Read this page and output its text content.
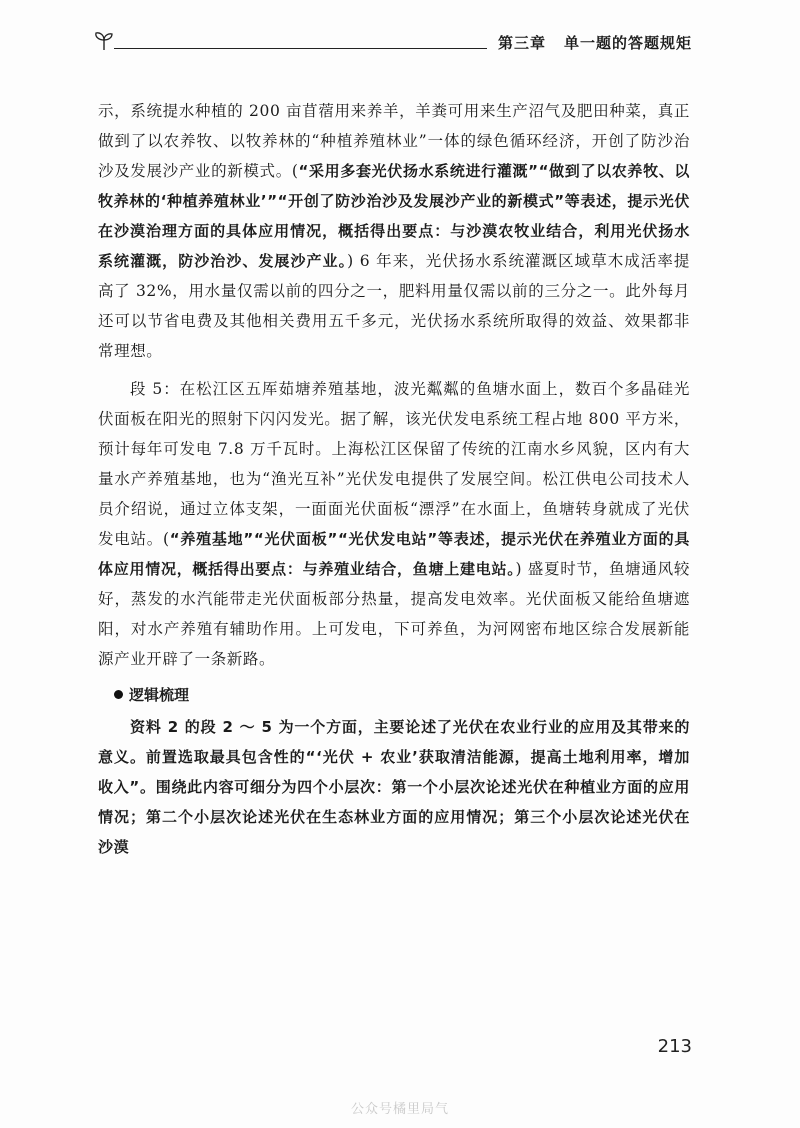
第三章 单一题的答题规矩

示，系统提水种植的 200 亩苜蓿用来养羊，羊粪可用来生产沼气及肥田种菜，真正做到了以农养牧、以牧养林的“种植养殖林业”一体的绿色循环经济，开创了防沙治沙及发展沙产业的新模式。(“采用多套光伏扬水系统进行灌溉”“做到了以农养牧、以牧养林的‘种植养殖林业’”“开创了防沙治沙及发展沙产业的新模式”等表述，提示光伏在沙漠治理方面的具体应用情况，概括得出要点：与沙漠农牧业结合，利用光伏扬水系统灌溉，防沙治沙、发展沙产业。) 6 年来，光伏扬水系统灌溉区域草木成活率提高了 32%，用水量仅需以前的四分之一，肥料用量仅需以前的三分之一。此外每月还可以节省电费及其他相关费用五千多元，光伏扬水系统所取得的效益、效果都非常理想。

段 5：在松江区五厍茹塘养殖基地，波光粼粼的鱼塘水面上，数百个多晶硅光伏面板在阳光的照射下闪闪发光。据了解，该光伏发电系统工程占地 800 平方米，预计每年可发电 7.8 万千瓦时。上海松江区保留了传统的江南水乡风貌，区内有大量水产养殖基地，也为“渔光互补”光伏发电提供了发展空间。松江供电公司技术人员介绍说，通过立体支架，一面面光伏面板“漂浮”在水面上，鱼塘转身就成了光伏发电站。(“养殖基地”“光伏面板”“光伏发电站”等表述，提示光伏在养殖业方面的具体应用情况，概括得出要点：与养殖业结合，鱼塘上建电站。) 盛夏时节，鱼塘通风较好，蒸发的水汽能带走光伏面板部分热量，提高发电效率。光伏面板又能给鱼塘遮阳，对水产养殖有辅助作用。上可发电，下可养鱼，为河网密布地区综合发展新能源产业开辟了一条新路。

逻辑梳理

资料 2 的段 2 ～ 5 为一个方面，主要论述了光伏在农业行业的应用及其带来的意义。前置选取最具包含性的“‘光伏 + 农业’获取清洁能源，提高土地利用率，增加收入”。围绕此内容可细分为四个小层次：第一个小层次论述光伏在种植业方面的应用情况；第二个小层次论述光伏在生态林业方面的应用情况；第三个小层次论述光伏在沙漠

213
公众号橘里局气
